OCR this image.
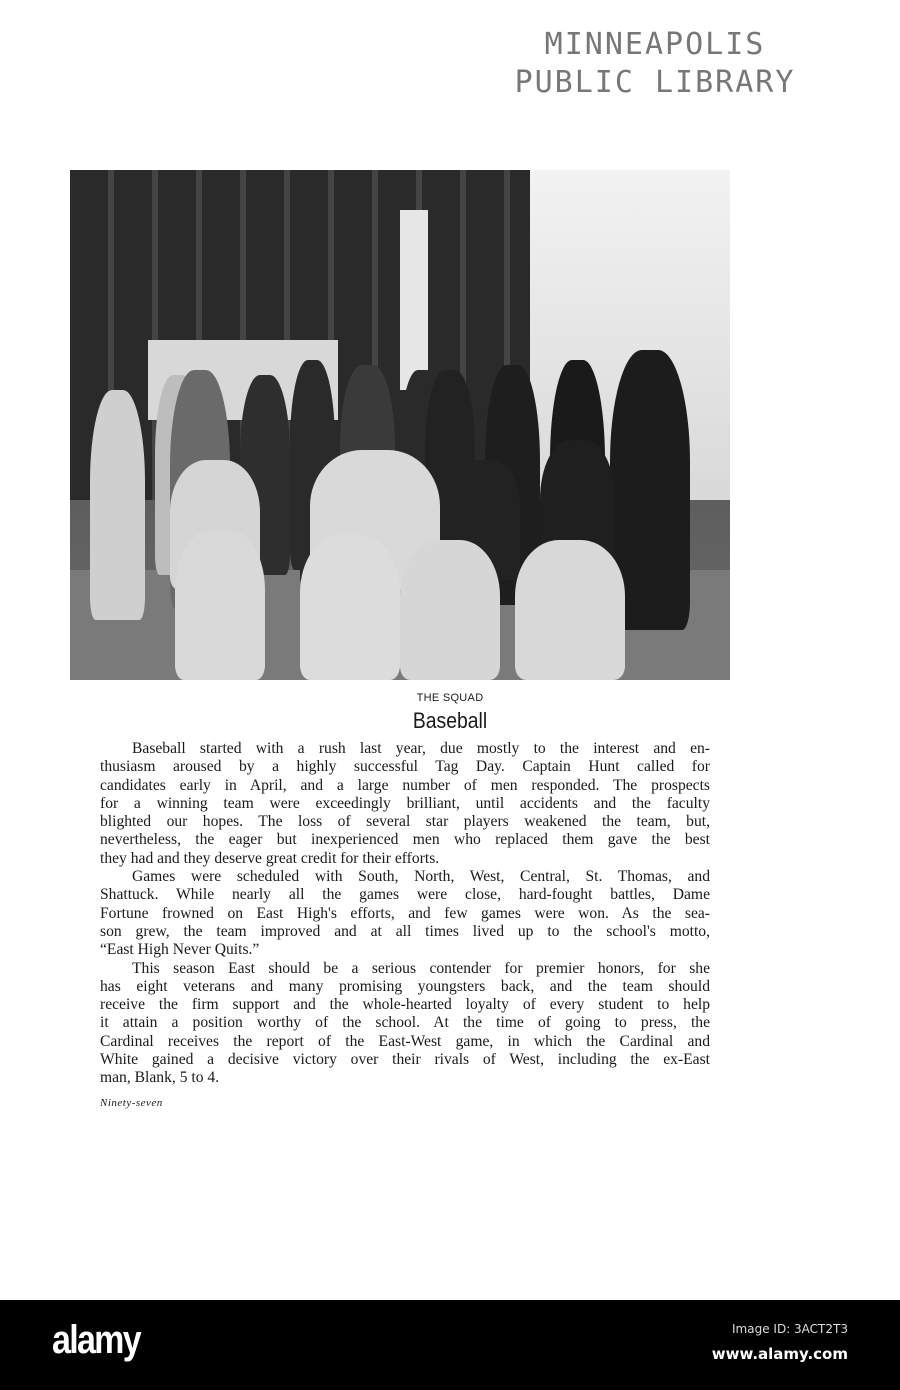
MINNEAPOLIS
PUBLIC LIBRARY
THE SQUAD
Baseball
Baseball started with a rush last year, due mostly to the interest and en-
thusiasm aroused by a highly successful Tag Day. Captain Hunt called for
candidates early in April, and a large number of men responded. The prospects
for a winning team were exceedingly brilliant, until accidents and the faculty
blighted our hopes. The loss of several star players weakened the team, but,
nevertheless, the eager but inexperienced men who replaced them gave the best
they had and they deserve great credit for their efforts.
Games were scheduled with South, North, West, Central, St. Thomas, and
Shattuck. While nearly all the games were close, hard-fought battles, Dame
Fortune frowned on East High's efforts, and few games were won. As the sea-
son grew, the team improved and at all times lived up to the school's motto,
“East High Never Quits.”
This season East should be a serious contender for premier honors, for she
has eight veterans and many promising youngsters back, and the team should
receive the firm support and the whole-hearted loyalty of every student to help
it attain a position worthy of the school. At the time of going to press, the
Cardinal receives the report of the East-West game, in which the Cardinal and
White gained a decisive victory over their rivals of West, including the ex-East
man, Blank, 5 to 4.
Ninety-seven
alamy	Image ID: 3ACT2T3
www.alamy.com
